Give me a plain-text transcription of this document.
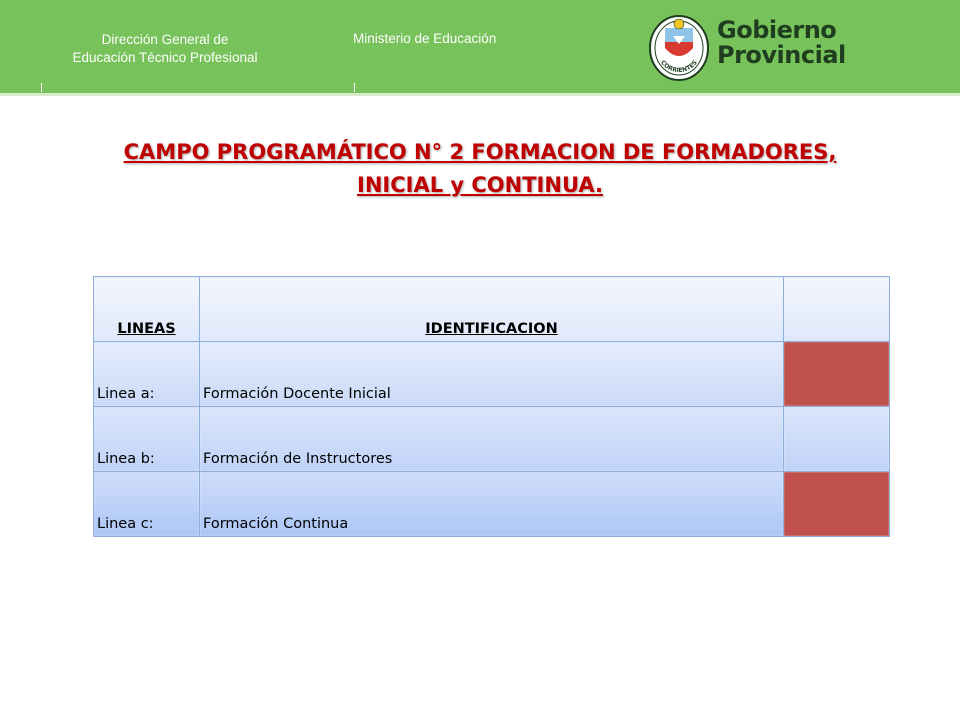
Dirección General de
Educación Técnico Profesional
Ministerio de Educación
CORRIENTES
Gobierno
Provincial
CAMPO PROGRAMÁTICO N° 2 FORMACION DE FORMADORES,
INICIAL y CONTINUA.
LINEAS	IDENTIFICACION	
Linea a:	Formación Docente Inicial	
Linea b:	Formación de Instructores	
Linea c:	Formación Continua	
